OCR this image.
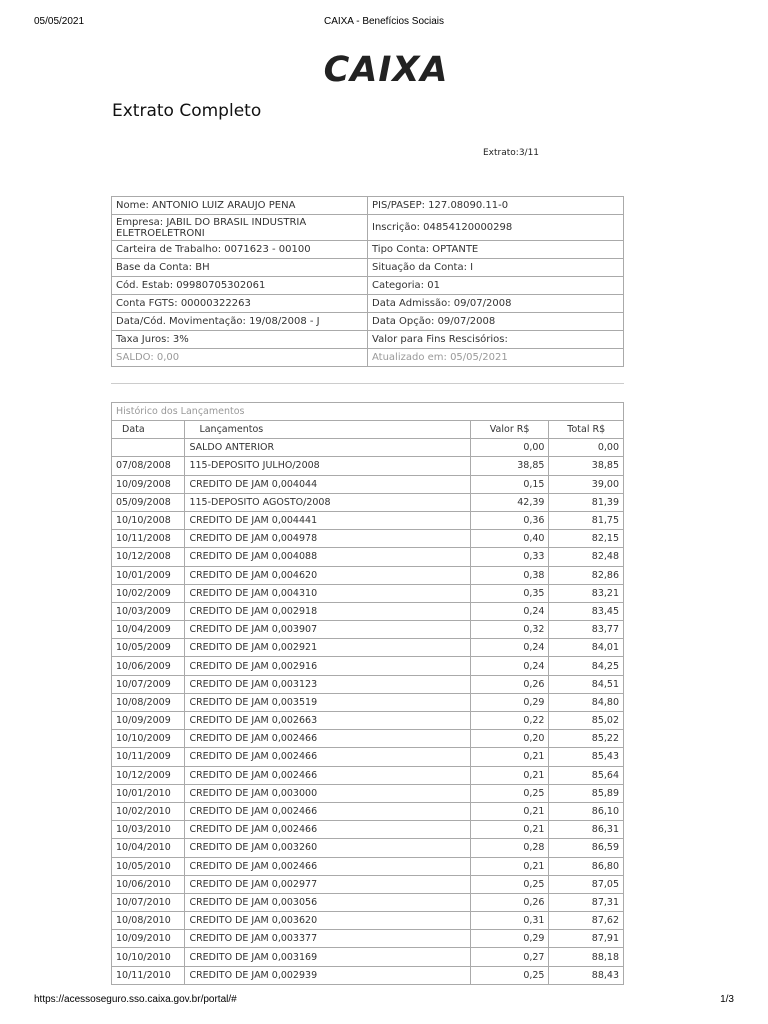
05/05/2021	CAIXA - Benefícios Sociais
CAIXA
Extrato Completo
Extrato:3/11
Nome: ANTONIO LUIZ ARAUJO PENA	PIS/PASEP: 127.08090.11-0
Empresa: JABIL DO BRASIL INDUSTRIA ELETROELETRONI	Inscrição: 04854120000298
Carteira de Trabalho: 0071623 - 00100	Tipo Conta: OPTANTE
Base da Conta: BH	Situação da Conta: I
Cód. Estab: 09980705302061	Categoria: 01
Conta FGTS: 00000322263	Data Admissão: 09/07/2008
Data/Cód. Movimentação: 19/08/2008 - J	Data Opção: 09/07/2008
Taxa Juros: 3%	Valor para Fins Rescisórios:
SALDO: 0,00	Atualizado em: 05/05/2021
Histórico dos Lançamentos			
Data	Lançamentos	Valor R$	Total R$
	SALDO ANTERIOR	0,00	0,00
07/08/2008	115-DEPOSITO JULHO/2008	38,85	38,85
10/09/2008	CREDITO DE JAM 0,004044	0,15	39,00
05/09/2008	115-DEPOSITO AGOSTO/2008	42,39	81,39
10/10/2008	CREDITO DE JAM 0,004441	0,36	81,75
10/11/2008	CREDITO DE JAM 0,004978	0,40	82,15
10/12/2008	CREDITO DE JAM 0,004088	0,33	82,48
10/01/2009	CREDITO DE JAM 0,004620	0,38	82,86
10/02/2009	CREDITO DE JAM 0,004310	0,35	83,21
10/03/2009	CREDITO DE JAM 0,002918	0,24	83,45
10/04/2009	CREDITO DE JAM 0,003907	0,32	83,77
10/05/2009	CREDITO DE JAM 0,002921	0,24	84,01
10/06/2009	CREDITO DE JAM 0,002916	0,24	84,25
10/07/2009	CREDITO DE JAM 0,003123	0,26	84,51
10/08/2009	CREDITO DE JAM 0,003519	0,29	84,80
10/09/2009	CREDITO DE JAM 0,002663	0,22	85,02
10/10/2009	CREDITO DE JAM 0,002466	0,20	85,22
10/11/2009	CREDITO DE JAM 0,002466	0,21	85,43
10/12/2009	CREDITO DE JAM 0,002466	0,21	85,64
10/01/2010	CREDITO DE JAM 0,003000	0,25	85,89
10/02/2010	CREDITO DE JAM 0,002466	0,21	86,10
10/03/2010	CREDITO DE JAM 0,002466	0,21	86,31
10/04/2010	CREDITO DE JAM 0,003260	0,28	86,59
10/05/2010	CREDITO DE JAM 0,002466	0,21	86,80
10/06/2010	CREDITO DE JAM 0,002977	0,25	87,05
10/07/2010	CREDITO DE JAM 0,003056	0,26	87,31
10/08/2010	CREDITO DE JAM 0,003620	0,31	87,62
10/09/2010	CREDITO DE JAM 0,003377	0,29	87,91
10/10/2010	CREDITO DE JAM 0,003169	0,27	88,18
10/11/2010	CREDITO DE JAM 0,002939	0,25	88,43
https://acessoseguro.sso.caixa.gov.br/portal/#	1/3
